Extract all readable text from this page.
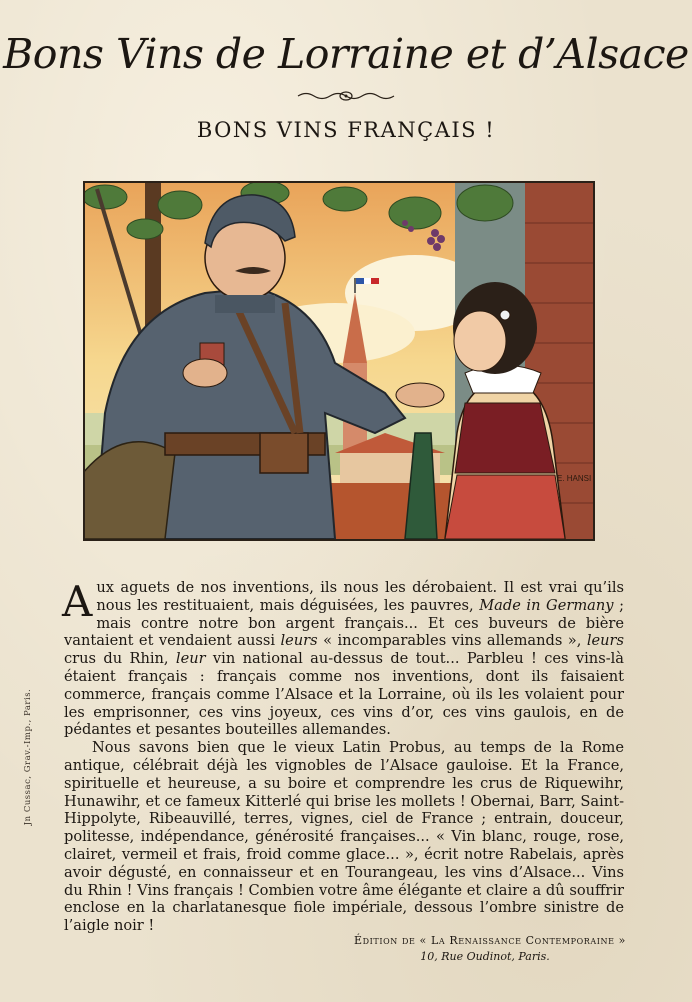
Bons Vins de Lorraine et d’Alsace
BONS VINS FRANÇAIS !
E. HANSI
Jn Cussac, Grav.-Imp., Paris.

Aux aguets de nos inventions, ils nous les dérobaient. Il est vrai qu’ils nous les restituaient, mais déguisées, les pauvres, Made in Germany ; mais contre notre bon argent français... Et ces buveurs de bière vantaient et vendaient aussi leurs « incomparables vins allemands », leurs crus du Rhin, leur vin national au-dessus de tout... Parbleu ! ces vins-là étaient français : français comme nos inventions, dont ils faisaient commerce, français comme l’Alsace et la Lorraine, où ils les volaient pour les emprisonner, ces vins joyeux, ces vins d’or, ces vins gaulois, en de pédantes et pesantes bouteilles allemandes.

Nous savons bien que le vieux Latin Probus, au temps de la Rome antique, célébrait déjà les vignobles de l’Alsace gauloise. Et la France, spirituelle et heureuse, a su boire et comprendre les crus de Riquewihr, Hunawihr, et ce fameux Kitterlé qui brise les mollets ! Obernai, Barr, Saint-Hippolyte, Ribeauvillé, terres, vignes, ciel de France ; entrain, douceur, politesse, indépendance, générosité françaises... « Vin blanc, rouge, rose, clairet, vermeil et frais, froid comme glace... », écrit notre Rabelais, après avoir dégusté, en connaisseur et en Tourangeau, les vins d’Alsace... Vins du Rhin ! Vins français ! Combien votre âme élégante et claire a dû souffrir enclose en la charlatanesque fiole impériale, dessous l’ombre sinistre de l’aigle noir !

Édition de « La Renaissance Contemporaine »
10, Rue Oudinot, Paris.
